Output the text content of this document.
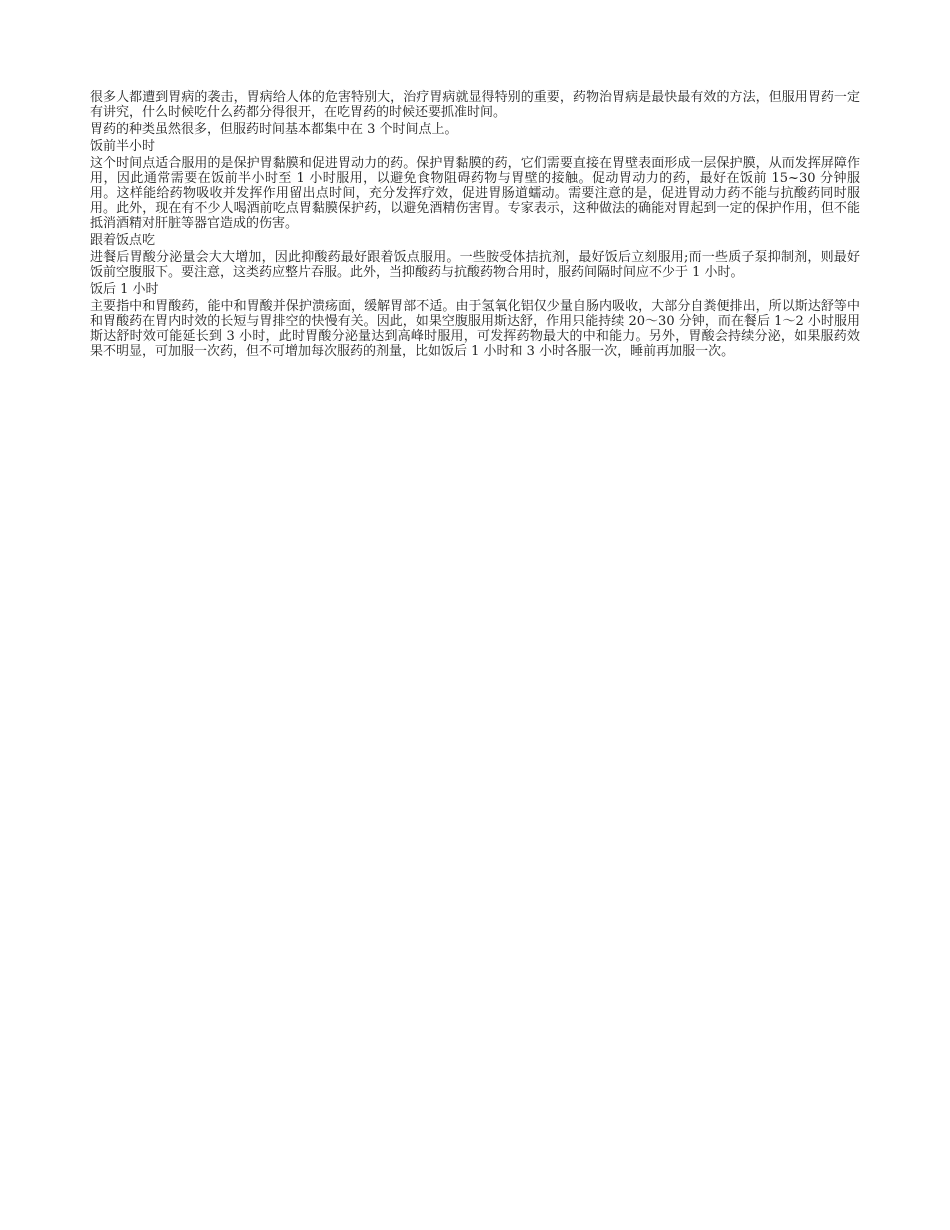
很多人都遭到胃病的袭击，胃病给人体的危害特别大，治疗胃病就显得特别的重要，药物治胃病是最快最有效的方法，但服用胃药一定有讲究，什么时候吃什么药都分得很开，在吃胃药的时候还要抓准时间。

胃药的种类虽然很多，但服药时间基本都集中在 3 个时间点上。

饭前半小时

这个时间点适合服用的是保护胃黏膜和促进胃动力的药。保护胃黏膜的药，它们需要直接在胃壁表面形成一层保护膜，从而发挥屏障作用，因此通常需要在饭前半小时至 1 小时服用，以避免食物阻碍药物与胃壁的接触。促动胃动力的药，最好在饭前 15~30 分钟服用。这样能给药物吸收并发挥作用留出点时间，充分发挥疗效，促进胃肠道蠕动。需要注意的是，促进胃动力药不能与抗酸药同时服用。此外，现在有不少人喝酒前吃点胃黏膜保护药，以避免酒精伤害胃。专家表示，这种做法的确能对胃起到一定的保护作用，但不能抵消酒精对肝脏等器官造成的伤害。

跟着饭点吃

进餐后胃酸分泌量会大大增加，因此抑酸药最好跟着饭点服用。一些胺受体拮抗剂，最好饭后立刻服用;而一些质子泵抑制剂，则最好饭前空腹服下。要注意，这类药应整片吞服。此外，当抑酸药与抗酸药物合用时，服药间隔时间应不少于 1 小时。

饭后 1 小时

主要指中和胃酸药，能中和胃酸并保护溃疡面，缓解胃部不适。由于氢氧化铝仅少量自肠内吸收，大部分自粪便排出，所以斯达舒等中和胃酸药在胃内时效的长短与胃排空的快慢有关。因此，如果空腹服用斯达舒，作用只能持续 20～30 分钟，而在餐后 1～2 小时服用斯达舒时效可能延长到 3 小时，此时胃酸分泌量达到高峰时服用，可发挥药物最大的中和能力。另外，胃酸会持续分泌，如果服药效果不明显，可加服一次药，但不可增加每次服药的剂量，比如饭后 1 小时和 3 小时各服一次，睡前再加服一次。
